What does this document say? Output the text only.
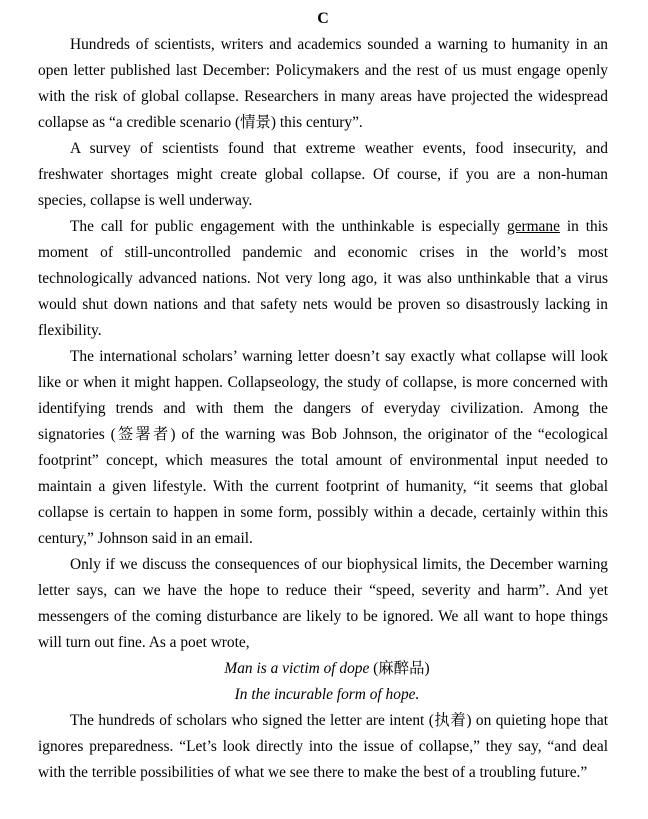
C

Hundreds of scientists, writers and academics sounded a warning to humanity in an open letter published last December: Policymakers and the rest of us must engage openly with the risk of global collapse. Researchers in many areas have projected the widespread collapse as “a credible scenario (情景) this century”.

A survey of scientists found that extreme weather events, food insecurity, and freshwater shortages might create global collapse. Of course, if you are a non-human species, collapse is well underway.

The call for public engagement with the unthinkable is especially germane in this moment of still-uncontrolled pandemic and economic crises in the world’s most technologically advanced nations. Not very long ago, it was also unthinkable that a virus would shut down nations and that safety nets would be proven so disastrously lacking in flexibility.

The international scholars’ warning letter doesn’t say exactly what collapse will look like or when it might happen. Collapseology, the study of collapse, is more concerned with identifying trends and with them the dangers of everyday civilization. Among the signatories (签署者) of the warning was Bob Johnson, the originator of the “ecological footprint” concept, which measures the total amount of environmental input needed to maintain a given lifestyle. With the current footprint of humanity, “it seems that global collapse is certain to happen in some form, possibly within a decade, certainly within this century,” Johnson said in an email.

Only if we discuss the consequences of our biophysical limits, the December warning letter says, can we have the hope to reduce their “speed, severity and harm”. And yet messengers of the coming disturbance are likely to be ignored. We all want to hope things will turn out fine. As a poet wrote,

Man is a victim of dope (麻醉品)

In the incurable form of hope.

The hundreds of scholars who signed the letter are intent (执着) on quieting hope that ignores preparedness. “Let’s look directly into the issue of collapse,” they say, “and deal with the terrible possibilities of what we see there to make the best of a troubling future.”
